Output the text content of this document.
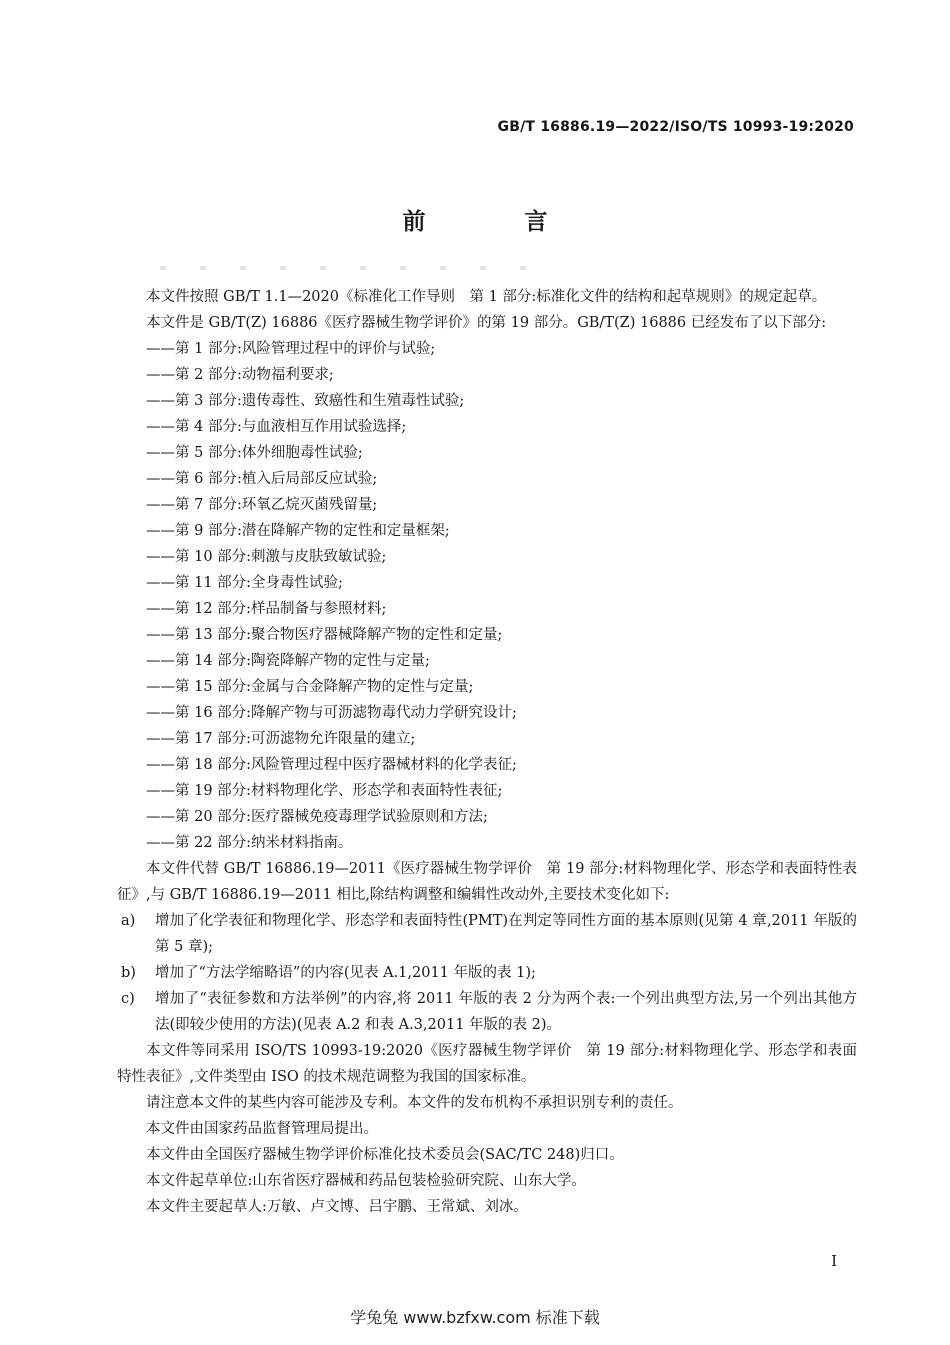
GB/T 16886.19—2022/ISO/TS 10993-19:2020
前　言

本文件按照 GB/T 1.1—2020《标准化工作导则　第 1 部分:标准化文件的结构和起草规则》的规定起草。

本文件是 GB/T(Z) 16886《医疗器械生物学评价》的第 19 部分。GB/T(Z) 16886 已经发布了以下部分:

——第 1 部分:风险管理过程中的评价与试验;

——第 2 部分:动物福利要求;

——第 3 部分:遗传毒性、致癌性和生殖毒性试验;

——第 4 部分:与血液相互作用试验选择;

——第 5 部分:体外细胞毒性试验;

——第 6 部分:植入后局部反应试验;

——第 7 部分:环氧乙烷灭菌残留量;

——第 9 部分:潜在降解产物的定性和定量框架;

——第 10 部分:刺激与皮肤致敏试验;

——第 11 部分:全身毒性试验;

——第 12 部分:样品制备与参照材料;

——第 13 部分:聚合物医疗器械降解产物的定性和定量;

——第 14 部分:陶瓷降解产物的定性与定量;

——第 15 部分:金属与合金降解产物的定性与定量;

——第 16 部分:降解产物与可沥滤物毒代动力学研究设计;

——第 17 部分:可沥滤物允许限量的建立;

——第 18 部分:风险管理过程中医疗器械材料的化学表征;

——第 19 部分:材料物理化学、形态学和表面特性表征;

——第 20 部分:医疗器械免疫毒理学试验原则和方法;

——第 22 部分:纳米材料指南。

本文件代替 GB/T 16886.19—2011《医疗器械生物学评价　第 19 部分:材料物理化学、形态学和表面特性表征》,与 GB/T 16886.19—2011 相比,除结构调整和编辑性改动外,主要技术变化如下:

a)	增加了化学表征和物理化学、形态学和表面特性(PMT)在判定等同性方面的基本原则(见第 4 章,2011 年版的第 5 章);
b)	增加了“方法学缩略语”的内容(见表 A.1,2011 年版的表 1);
c)	增加了“表征参数和方法举例”的内容,将 2011 年版的表 2 分为两个表:一个列出典型方法,另一个列出其他方法(即较少使用的方法)(见表 A.2 和表 A.3,2011 年版的表 2)。

本文件等同采用 ISO/TS 10993-19:2020《医疗器械生物学评价　第 19 部分:材料物理化学、形态学和表面特性表征》,文件类型由 ISO 的技术规范调整为我国的国家标准。

请注意本文件的某些内容可能涉及专利。本文件的发布机构不承担识别专利的责任。

本文件由国家药品监督管理局提出。

本文件由全国医疗器械生物学评价标准化技术委员会(SAC/TC 248)归口。

本文件起草单位:山东省医疗器械和药品包装检验研究院、山东大学。

本文件主要起草人:万敏、卢文博、吕宇鹏、王常斌、刘冰。

I
学兔兔 www.bzfxw.com 标准下载
